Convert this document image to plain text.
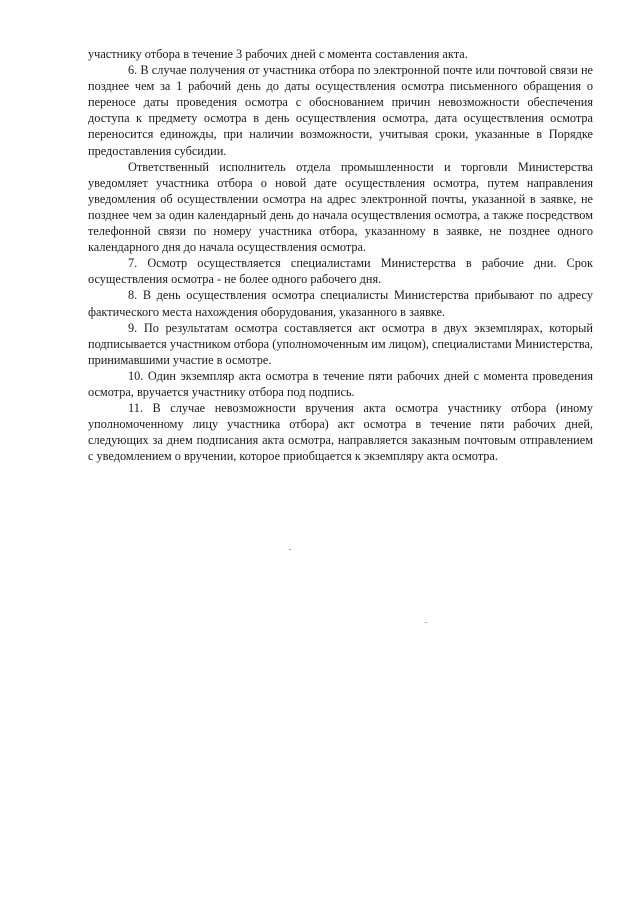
участнику отбора в течение 3 рабочих дней с момента составления акта.

6. В случае получения от участника отбора по электронной почте или почтовой связи не позднее чем за 1 рабочий день до даты осуществления осмотра письменного обращения о переносе даты проведения осмотра с обоснованием причин невозможности обеспечения доступа к предмету осмотра в день осуществления осмотра, дата осуществления осмотра переносится единожды, при наличии возможности, учитывая сроки, указанные в Порядке предоставления субсидии.

Ответственный исполнитель отдела промышленности и торговли Министерства уведомляет участника отбора о новой дате осуществления осмотра, путем направления уведомления об осуществлении осмотра на адрес электронной почты, указанной в заявке, не позднее чем за один календарный день до начала осуществления осмотра, а также посредством телефонной связи по номеру участника отбора, указанному в заявке, не позднее одного календарного дня до начала осуществления осмотра.

7. Осмотр осуществляется специалистами Министерства в рабочие дни. Срок осуществления осмотра - не более одного рабочего дня.

8. В день осуществления осмотра специалисты Министерства прибывают по адресу фактического места нахождения оборудования, указанного в заявке.

9. По результатам осмотра составляется акт осмотра в двух экземплярах, который подписывается участником отбора (уполномоченным им лицом), специалистами Министерства, принимавшими участие в осмотре.

10. Один экземпляр акта осмотра в течение пяти рабочих дней с момента проведения осмотра, вручается участнику отбора под подпись.

11. В случае невозможности вручения акта осмотра участнику отбора (иному уполномоченному лицу участника отбора) акт осмотра в течение пяти рабочих дней, следующих за днем подписания акта осмотра, направляется заказным почтовым отправлением с уведомлением о вручении, которое приобщается к экземпляру акта осмотра.
